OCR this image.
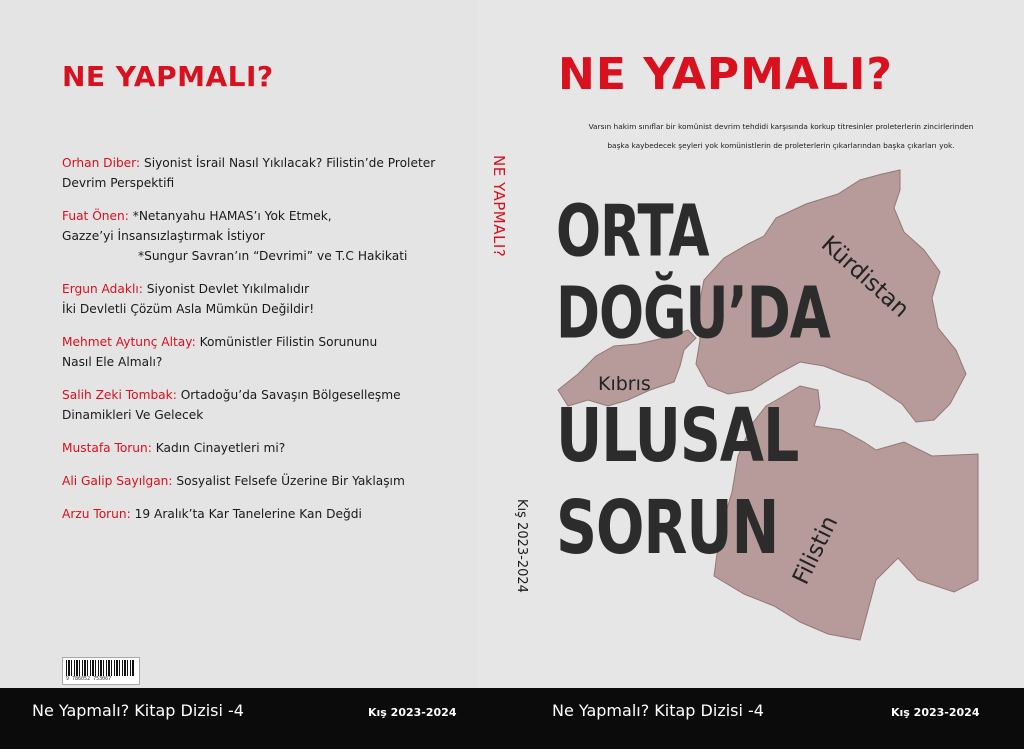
NE YAPMALI?
Orhan Diber: Siyonist İsrail Nasıl Yıkılacak? Filistin’de Proleter
Devrim Perspektifi
Fuat Önen: *Netanyahu HAMAS’ı Yok Etmek,
Gazze’yi İnsansızlaştırmak İstiyor
*Sungur Savran’ın “Devrimi” ve T.C Hakikati
Ergun Adaklı: Siyonist Devlet Yıkılmalıdır
İki Devletli Çözüm Asla Mümkün Değildir!
Mehmet Aytunç Altay: Komünistler Filistin Sorununu
Nasıl Ele Almalı?
Salih Zeki Tombak: Ortadoğu’da Savaşın Bölgeselleşme
Dinamikleri Ve Gelecek
Mustafa Torun: Kadın Cinayetleri mi?
Ali Galip Sayılgan: Sosyalist Felsefe Üzerine Bir Yaklaşım
Arzu Torun: 19 Aralık’ta Kar Tanelerine Kan Değdi
9 786052 753067
NE YAPMALI?
Kış 2023-2024
NE YAPMALI?
Varsın hakim sınıflar bir komünist devrim tehdidi karşısında korkup titresinler proleterlerin zincirlerinden
başka kaybedecek şeyleri yok komünistlerin de proleterlerin çıkarlarından başka çıkarları yok.
Kürdistan
Kıbrıs
Filistin
ORTA
DOĞU’DA
ULUSAL
SORUN
Ne Yapmalı? Kitap Dizisi -4	Kış 2023-2024	Ne Yapmalı? Kitap Dizisi -4	Kış 2023-2024
